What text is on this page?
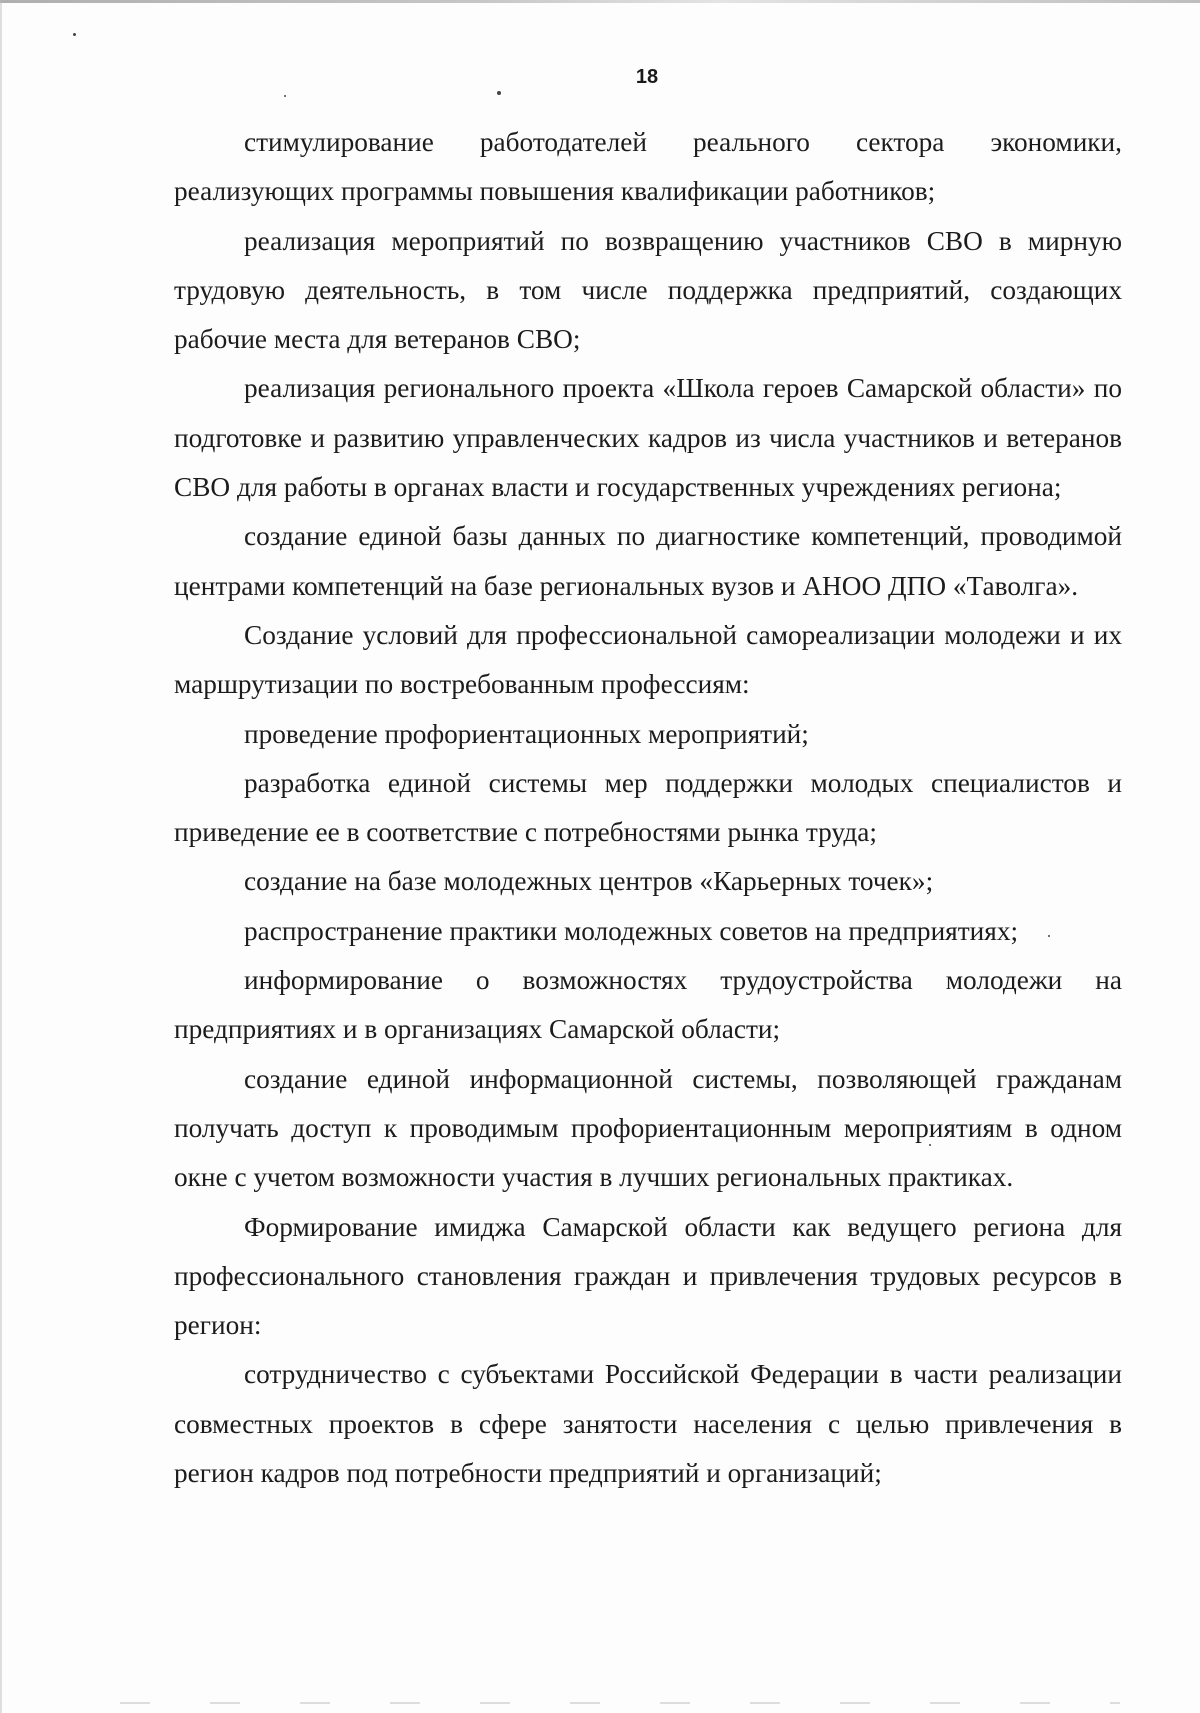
18

стимулирование работодателей реального сектора экономики, реализующих программы повышения квалификации работников;

реализация мероприятий по возвращению участников СВО в мирную трудовую деятельность, в том числе поддержка предприятий, создающих рабочие места для ветеранов СВО;

реализация регионального проекта «Школа героев Самарской области» по подготовке и развитию управленческих кадров из числа участников и ветеранов СВО для работы в органах власти и государственных учреждениях региона;

создание единой базы данных по диагностике компетенций, проводимой центрами компетенций на базе региональных вузов и АНОО ДПО «Таволга».

Создание условий для профессиональной самореализации молодежи и их маршрутизации по востребованным профессиям:

проведение профориентационных мероприятий;

разработка единой системы мер поддержки молодых специалистов и приведение ее в соответствие с потребностями рынка труда;

создание на базе молодежных центров «Карьерных точек»;

распространение практики молодежных советов на предприятиях;

информирование о возможностях трудоустройства молодежи на предприятиях и в организациях Самарской области;

создание единой информационной системы, позволяющей гражданам получать доступ к проводимым профориентационным мероприятиям в одном окне с учетом возможности участия в лучших региональных практиках.

Формирование имиджа Самарской области как ведущего региона для профессионального становления граждан и привлечения трудовых ресурсов в регион:

сотрудничество с субъектами Российской Федерации в части реализации совместных проектов в сфере занятости населения с целью привлечения в регион кадров под потребности предприятий и организаций;
